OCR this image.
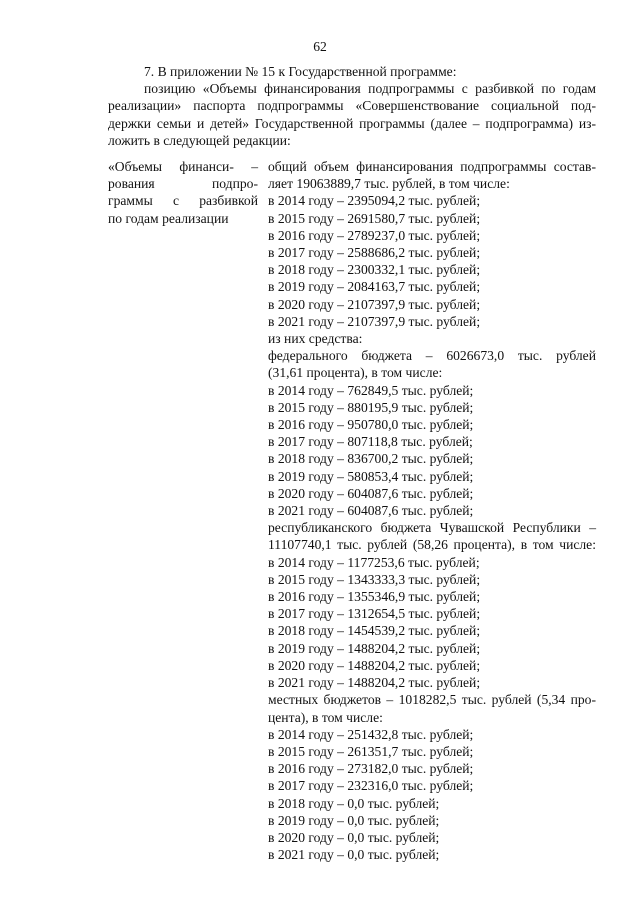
62

7. В приложении № 15 к Государственной программе:

позицию «Объемы финансирования подпрограммы с разбивкой по годам реализации» паспорта подпрограммы «Совершенствование социальной под-держки семьи и детей» Государственной программы (далее – подпрограмма) из-ложить в следующей редакции:

«Объемы финанси- –
рования подпро-
граммы с разбивкой
по годам реализации
общий объем финансирования подпрограммы состав-
ляет 19063889,7 тыс. рублей, в том числе:
в 2014 году – 2395094,2 тыс. рублей;
в 2015 году – 2691580,7 тыс. рублей;
в 2016 году – 2789237,0 тыс. рублей;
в 2017 году – 2588686,2 тыс. рублей;
в 2018 году – 2300332,1 тыс. рублей;
в 2019 году – 2084163,7 тыс. рублей;
в 2020 году – 2107397,9 тыс. рублей;
в 2021 году – 2107397,9 тыс. рублей;
из них средства:
федерального бюджета – 6026673,0 тыс. рублей
(31,61 процента), в том числе:
в 2014 году – 762849,5 тыс. рублей;
в 2015 году – 880195,9 тыс. рублей;
в 2016 году – 950780,0 тыс. рублей;
в 2017 году – 807118,8 тыс. рублей;
в 2018 году – 836700,2 тыс. рублей;
в 2019 году – 580853,4 тыс. рублей;
в 2020 году – 604087,6 тыс. рублей;
в 2021 году – 604087,6 тыс. рублей;
республиканского бюджета Чувашской Республики –
11107740,1 тыс. рублей (58,26 процента), в том числе:
в 2014 году – 1177253,6 тыс. рублей;
в 2015 году – 1343333,3 тыс. рублей;
в 2016 году – 1355346,9 тыс. рублей;
в 2017 году – 1312654,5 тыс. рублей;
в 2018 году – 1454539,2 тыс. рублей;
в 2019 году – 1488204,2 тыс. рублей;
в 2020 году – 1488204,2 тыс. рублей;
в 2021 году – 1488204,2 тыс. рублей;
местных бюджетов – 1018282,5 тыс. рублей (5,34 про-
цента), в том числе:
в 2014 году – 251432,8 тыс. рублей;
в 2015 году – 261351,7 тыс. рублей;
в 2016 году – 273182,0 тыс. рублей;
в 2017 году – 232316,0 тыс. рублей;
в 2018 году – 0,0 тыс. рублей;
в 2019 году – 0,0 тыс. рублей;
в 2020 году – 0,0 тыс. рублей;
в 2021 году – 0,0 тыс. рублей;
